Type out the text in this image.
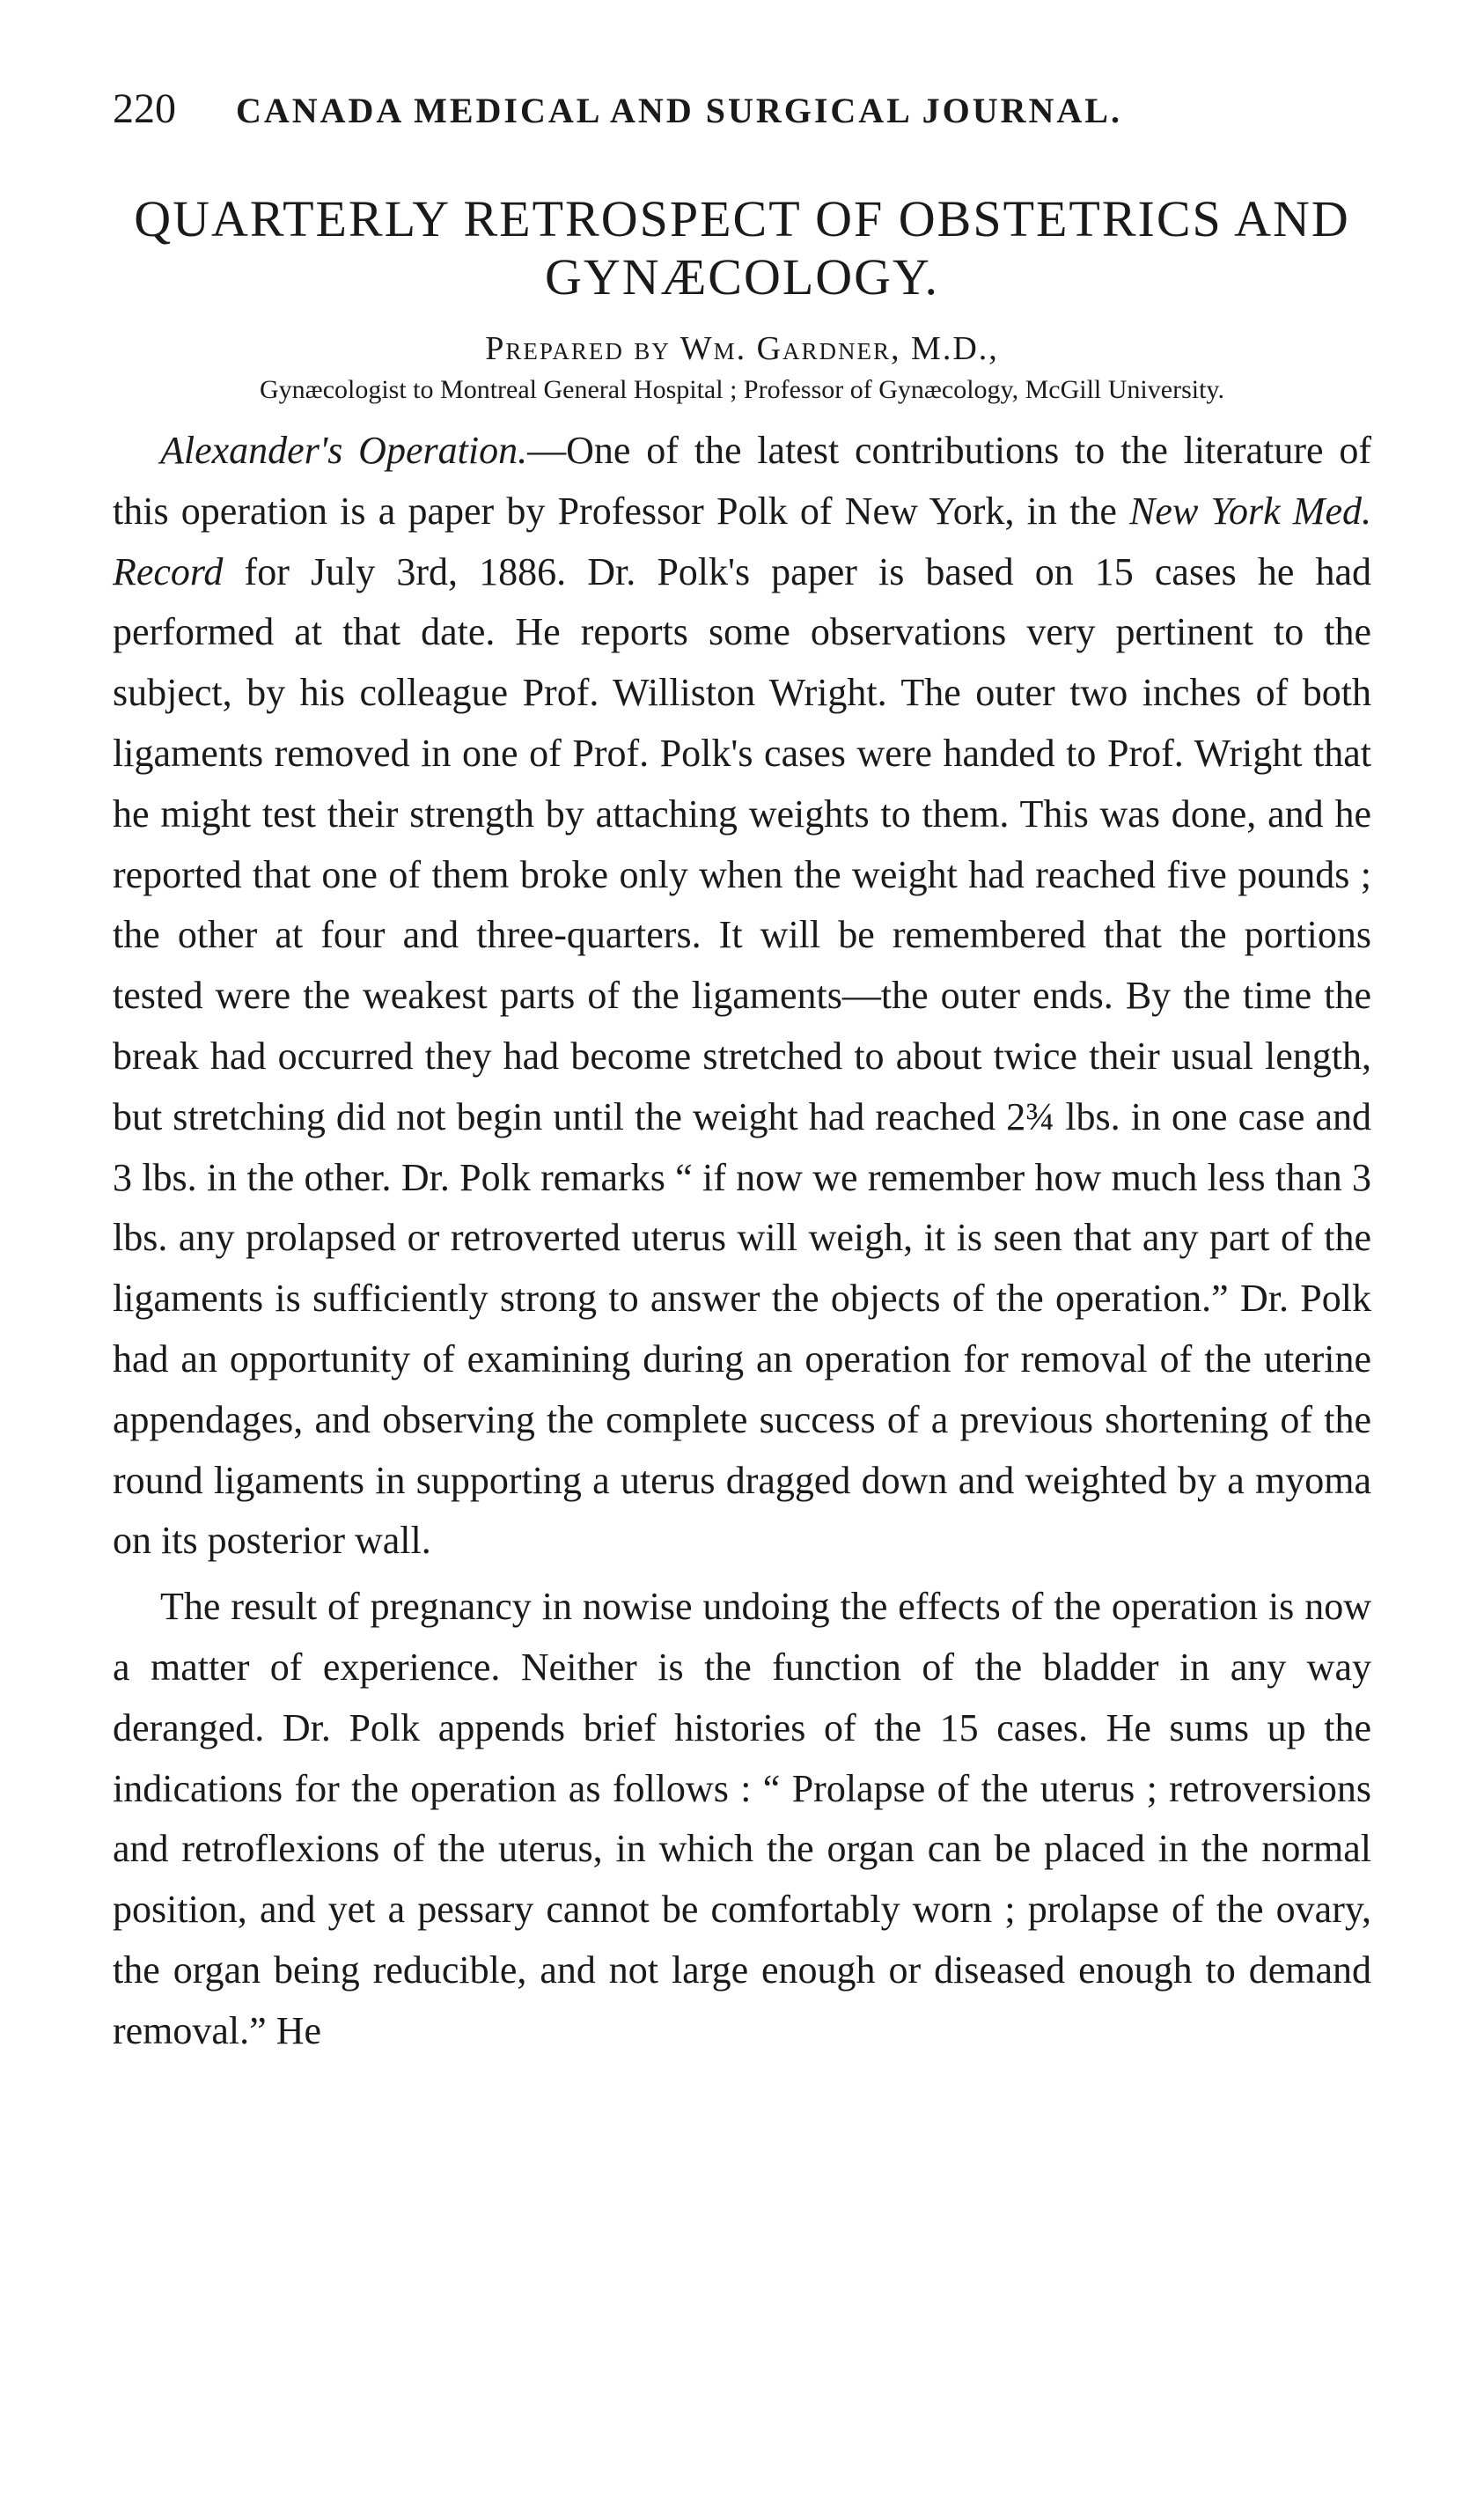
220	CANADA MEDICAL AND SURGICAL JOURNAL.
QUARTERLY RETROSPECT OF OBSTETRICS AND
GYNÆCOLOGY.
Prepared by Wm. Gardner, M.D.,
Gynæcologist to Montreal General Hospital ; Professor of Gynæcology, McGill University.

Alexander's Operation.—One of the latest contributions to the literature of this operation is a paper by Professor Polk of New York, in the New York Med. Record for July 3rd, 1886. Dr. Polk's paper is based on 15 cases he had performed at that date. He reports some observations very pertinent to the subject, by his colleague Prof. Williston Wright. The outer two inches of both ligaments removed in one of Prof. Polk's cases were handed to Prof. Wright that he might test their strength by attaching weights to them. This was done, and he reported that one of them broke only when the weight had reached five pounds ; the other at four and three-quarters. It will be remembered that the portions tested were the weakest parts of the ligaments—the outer ends. By the time the break had occurred they had become stretched to about twice their usual length, but stretching did not begin until the weight had reached 2¾ lbs. in one case and 3 lbs. in the other. Dr. Polk remarks “ if now we remember how much less than 3 lbs. any prolapsed or retroverted uterus will weigh, it is seen that any part of the ligaments is sufficiently strong to answer the objects of the operation.” Dr. Polk had an opportunity of examining during an operation for removal of the uterine appendages, and observing the complete success of a previous shortening of the round ligaments in supporting a uterus dragged down and weighted by a myoma on its posterior wall.

The result of pregnancy in nowise undoing the effects of the operation is now a matter of experience. Neither is the function of the bladder in any way deranged. Dr. Polk appends brief histories of the 15 cases. He sums up the indications for the operation as follows : “ Prolapse of the uterus ; retroversions and retroflexions of the uterus, in which the organ can be placed in the normal position, and yet a pessary cannot be comfortably worn ; prolapse of the ovary, the organ being reducible, and not large enough or diseased enough to demand removal.” He
